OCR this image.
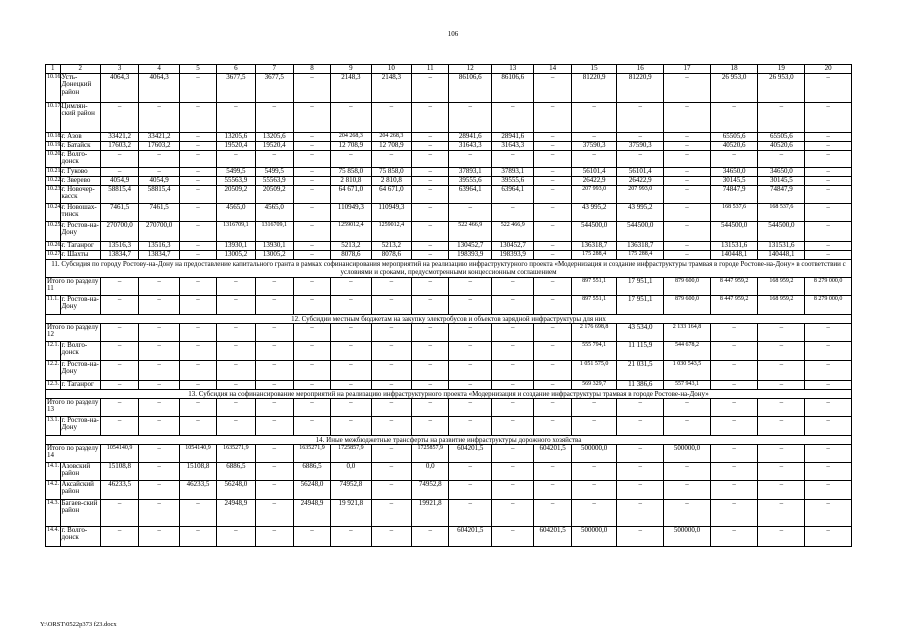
106
1	2	3	4	5	6	7	8	9	10	11	12	13	14	15	16	17	18	19	20
10.16.	Усть-Донецкий район	4064,3	4064,3	–	3677,5	3677,5	–	2148,3	2148,3	–	86106,6	86106,6	–	81220,9	81220,9	–	26 953,0	26 953,0	–
10.17.	Цимлян-ский район	–	–	–	–	–	–	–	–	–	–	–	–	–	–	–	–	–	–
10.18.	г. Азов	33421,2	33421,2	–	13205,6	13205,6	–	204 268,3	204 268,3	–	28941,6	28941,6	–	–	–	–	65505,6	65505,6	–
10.19.	г. Батайск	17603,2	17603,2	–	19520,4	19520,4	–	12 708,9	12 708,9	–	31643,3	31643,3	–	37590,3	37590,3	–	40520,6	40520,6	–
10.20.	г. Волго-донск	–	–	–	–	–	–	–	–	–	–	–	–	–	–	–	–	–	–
10.21.	г. Гуково	–	–	–	5499,5	5499,5	–	75 858,0	75 858,0	–	37893,1	37893,1	–	56101,4	56101,4	–	34650,0	34650,0	–
10.22.	г. Зверево	4054,9	4054,9	–	55563,9	55563,9	–	2 810,8	2 810,8	–	39555,6	39555,6	–	26422,9	26422,9	–	30145,5	30145,5	–
10.23.	г. Новочер-касск	58815,4	58815,4	–	20509,2	20509,2	–	64 671,0	64 671,0	–	63964,1	63964,1	–	207 993,0	207 993,0	–	74847,9	74847,9	–
10.24.	г. Новошах-тинск	7461,5	7461,5	–	4565,0	4565,0	–	110949,3	110949,3	–	–	–	–	43 995,2	43 995,2	–	168 537,6	168 537,6	–
10.25.	г. Ростов-на-Дону	270700,0	270700,0	–	1316709,1	1316709,1	–	1259012,4	1259012,4	–	522 466,9	522 466,9	–	544500,0	544500,0	–	544500,0	544500,0	–
10.26.	г. Таганрог	13516,3	13516,3	–	13930,1	13930,1	–	5213,2	5213,2	–	130452,7	130452,7	–	136318,7	136318,7	–	131531,6	131531,6	–
10.27.	г. Шахты	13834,7	13834,7	–	13005,2	13005,2	–	8078,6	8078,6	–	198393,9	198393,9	–	175 288,4	175 288,4	–	140448,1	140448,1	–
11. Субсидия по городу Ростову-на-Дону на предоставление капитального гранта в рамках софинансирования мероприятий на реализацию инфраструктурного проекта «Модернизация и создание инфраструктуры трамвая в городе Ростове-на-Дону» в соответствии с условиями и сроками, предусмотренными концессионным соглашением																			
Итого по разделу 11		–	–	–	–	–	–	–	–	–	–	–	–	897 551,1	17 951,1	879 600,0	8 447 959,2	168 959,2	8 279 000,0
11.1.	г. Ростов-на-Дону	–	–	–	–	–	–	–	–	–	–	–	–	897 551,1	17 951,1	879 600,0	8 447 959,2	168 959,2	8 279 000,0
12. Субсидии местным бюджетам на закупку электробусов и объектов зарядной инфраструктуры для них																			
Итого по разделу 12		–	–	–	–	–	–	–	–	–	–	–	–	2 176 698,8	43 534,0	2 133 164,8	–	–	–
12.1.	г. Волго-донск	–	–	–	–	–	–	–	–	–	–	–	–	555 794,1	11 115,9	544 678,2	–	–	–
12.2.	г. Ростов-на-Дону	–	–	–	–	–	–	–	–	–	–	–	–	1 051 575,0	21 031,5	1 030 543,5	–	–	–
12.3.	г. Таганрог	–	–	–	–	–	–	–	–	–	–	–	–	569 329,7	11 386,6	557 943,1	–	–	–
13. Субсидия на софинансирование мероприятий на реализацию инфраструктурного проекта «Модернизация и создание инфраструктуры трамвая в городе Ростове-на-Дону»																			
Итого по разделу 13		–	–	–	–	–	–	–	–	–	–	–	–	–	–	–	–	–	–
13.1.	г. Ростов-на-Дону	–	–	–	–	–	–	–	–	–	–	–	–	–	–	–	–	–	–
14. Иные межбюджетные трансферты на развитие инфраструктуры дорожного хозяйства																			
Итого по разделу 14		1054140,9	–	1054140,9	1635271,9	–	1635271,9	1725857,9	–	1725857,9	604201,5	–	604201,5	500000,0	–	500000,0	–	–	–
14.1.	Азовский район	15108,8	–	15108,8	6886,5	–	6886,5	0,0	–	0,0	–	–	–	–	–	–	–	–	–
14.2.	Аксайский район	46233,5	–	46233,5	56248,0	–	56248,0	74952,8	–	74952,8	–	–	–	–	–	–	–	–	–
14.3.	Багаев-ский район	–	–	–	24948,9	–	24948,9	19 921,8	–	19921,8	–	–	–	–	–	–	–	–	–
14.4.	г. Волго-донск	–	–	–	–	–	–	–	–	–	604201,5	–	604201,5	500000,0	–	500000,0	–	–	–
Y:\ORST\0522p373 f23.docx
